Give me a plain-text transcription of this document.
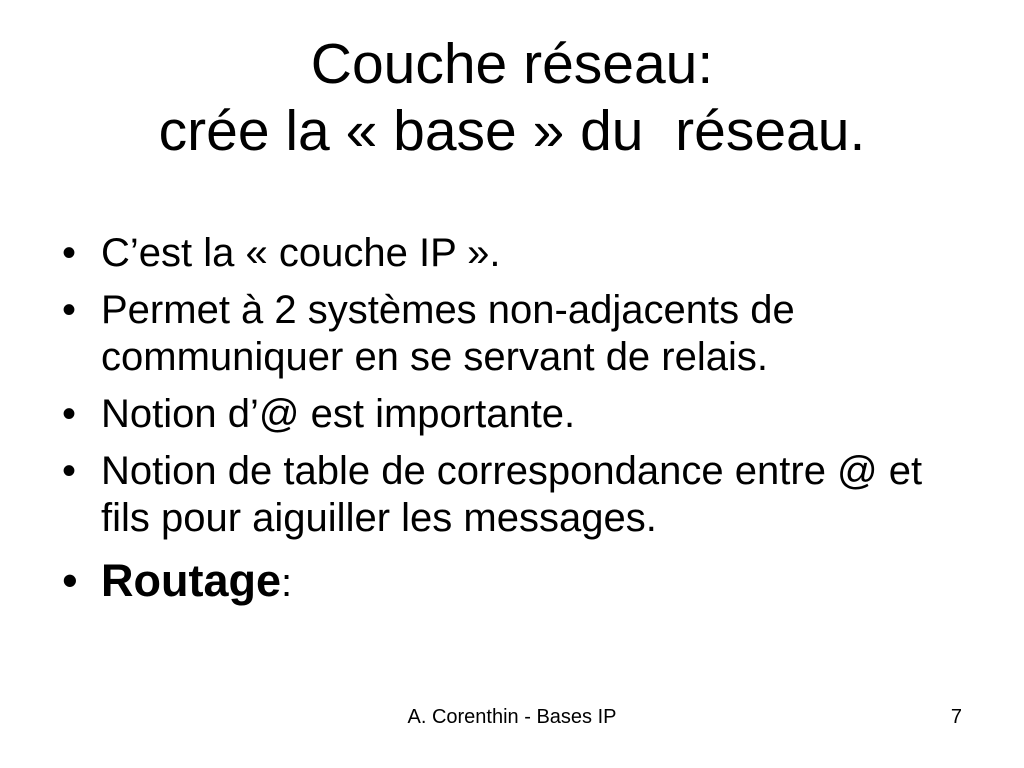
Couche réseau:
crée la « base » du  réseau.
• C’est la « couche IP ».
• Permet à 2 systèmes non-adjacents de communiquer en se servant de relais.
• Notion d’@ est importante.
• Notion de table de correspondance entre @ et fils pour aiguiller les messages.
• Routage:
A. Corenthin - Bases IP	7
